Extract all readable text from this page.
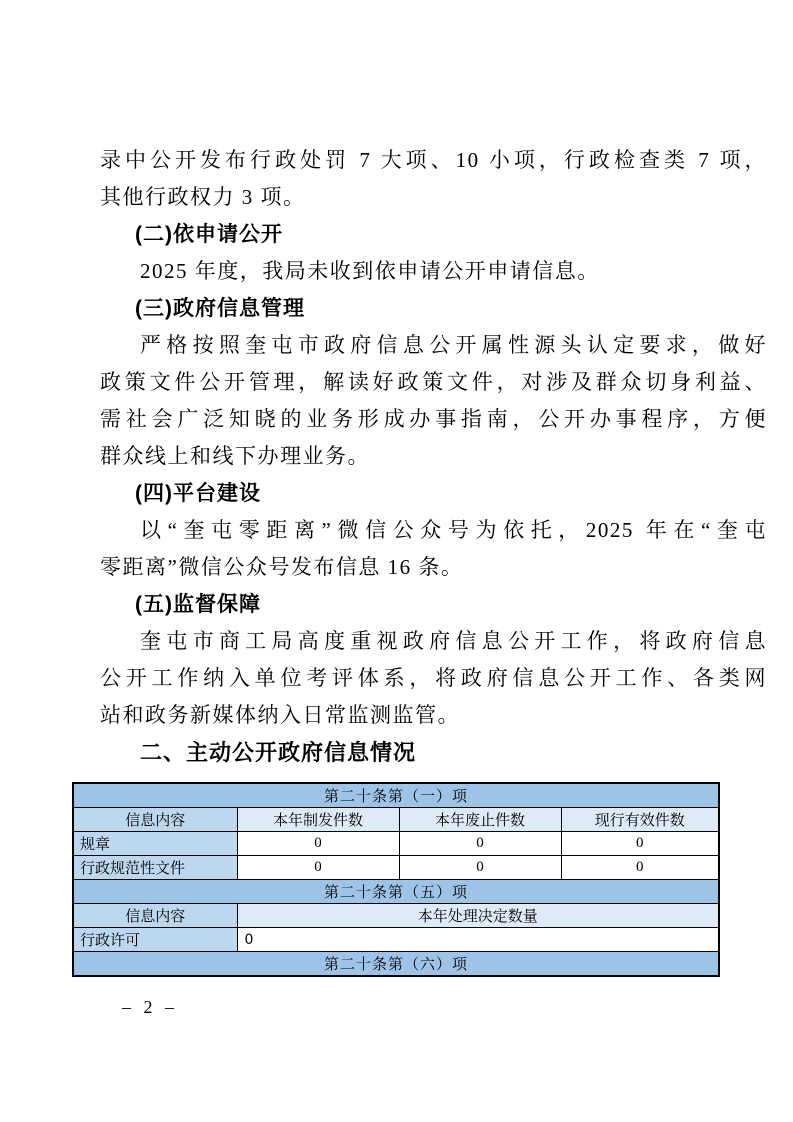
录中公开发布行政处罚 7 大项、10 小项，行政检查类 7 项，
其他行政权力 3 项。
(二)依申请公开
2025 年度，我局未收到依申请公开申请信息。
(三)政府信息管理
严格按照奎屯市政府信息公开属性源头认定要求，做好
政策文件公开管理，解读好政策文件，对涉及群众切身利益、
需社会广泛知晓的业务形成办事指南，公开办事程序，方便
群众线上和线下办理业务。
(四)平台建设
以“奎屯零距离”微信公众号为依托，2025 年在“奎屯
零距离”微信公众号发布信息 16 条。
(五)监督保障
奎屯市商工局高度重视政府信息公开工作，将政府信息
公开工作纳入单位考评体系，将政府信息公开工作、各类网
站和政务新媒体纳入日常监测监管。
二、主动公开政府信息情况
第二十条第（一）项			
信息内容	本年制发件数	本年废止件数	现行有效件数
规章	0	0	0
行政规范性文件	0	0	0
第二十条第（五）项			
信息内容	本年处理决定数量		
行政许可	0		
第二十条第（六）项			
– 2 –
